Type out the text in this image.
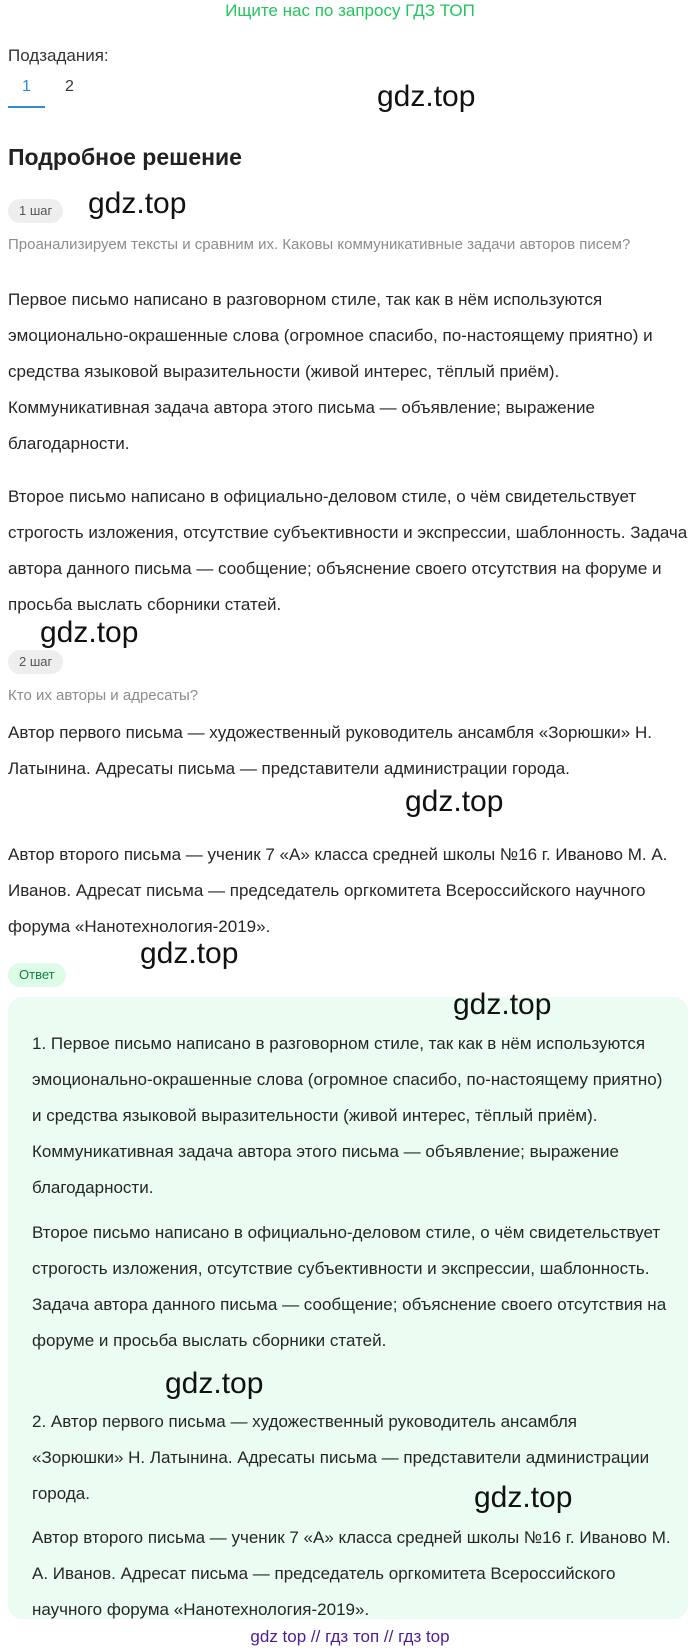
Ищите нас по запросу ГДЗ ТОП
Подзадания:
1 2	gdz.top
Подробное решение
1 шаг	gdz.top
Проанализируем тексты и сравним их. Каковы коммуникативные задачи авторов писем?
Первое письмо написано в разговорном стиле, так как в нём используются эмоционально-окрашенные слова (огромное спасибо, по-настоящему приятно) и средства языковой выразительности (живой интерес, тёплый приём). Коммуникативная задача автора этого письма — объявление; выражение благодарности.
Второе письмо написано в официально-деловом стиле, о чём свидетельствует строгость изложения, отсутствие субъективности и экспрессии, шаблонность. Задача автора данного письма — сообщение; объяснение своего отсутствия на форуме и просьба выслать сборники статей.
gdz.top
2 шаг
Кто их авторы и адресаты?
Автор первого письма — художественный руководитель ансамбля «Зорюшки» Н. Латынина. Адресаты письма — представители администрации города.
gdz.top
Автор второго письма — ученик 7 «А» класса средней школы №16 г. Иваново М. А. Иванов. Адресат письма — председатель оргкомитета Всероссийского научного форума «Нанотехнология-2019».
gdz.top
Ответ
gdz.top
1. Первое письмо написано в разговорном стиле, так как в нём используются эмоционально-окрашенные слова (огромное спасибо, по-настоящему приятно) и средства языковой выразительности (живой интерес, тёплый приём). Коммуникативная задача автора этого письма — объявление; выражение благодарности.
Второе письмо написано в официально-деловом стиле, о чём свидетельствует строгость изложения, отсутствие субъективности и экспрессии, шаблонность. Задача автора данного письма — сообщение; объяснение своего отсутствия на форуме и просьба выслать сборники статей.
gdz.top
2. Автор первого письма — художественный руководитель ансамбля «Зорюшки» Н. Латынина. Адресаты письма — представители администрации города.	gdz.top
Автор второго письма — ученик 7 «А» класса средней школы №16 г. Иваново М. А. Иванов. Адресат письма — председатель оргкомитета Всероссийского научного форума «Нанотехнология-2019».
gdz top // гдз топ // гдз top
